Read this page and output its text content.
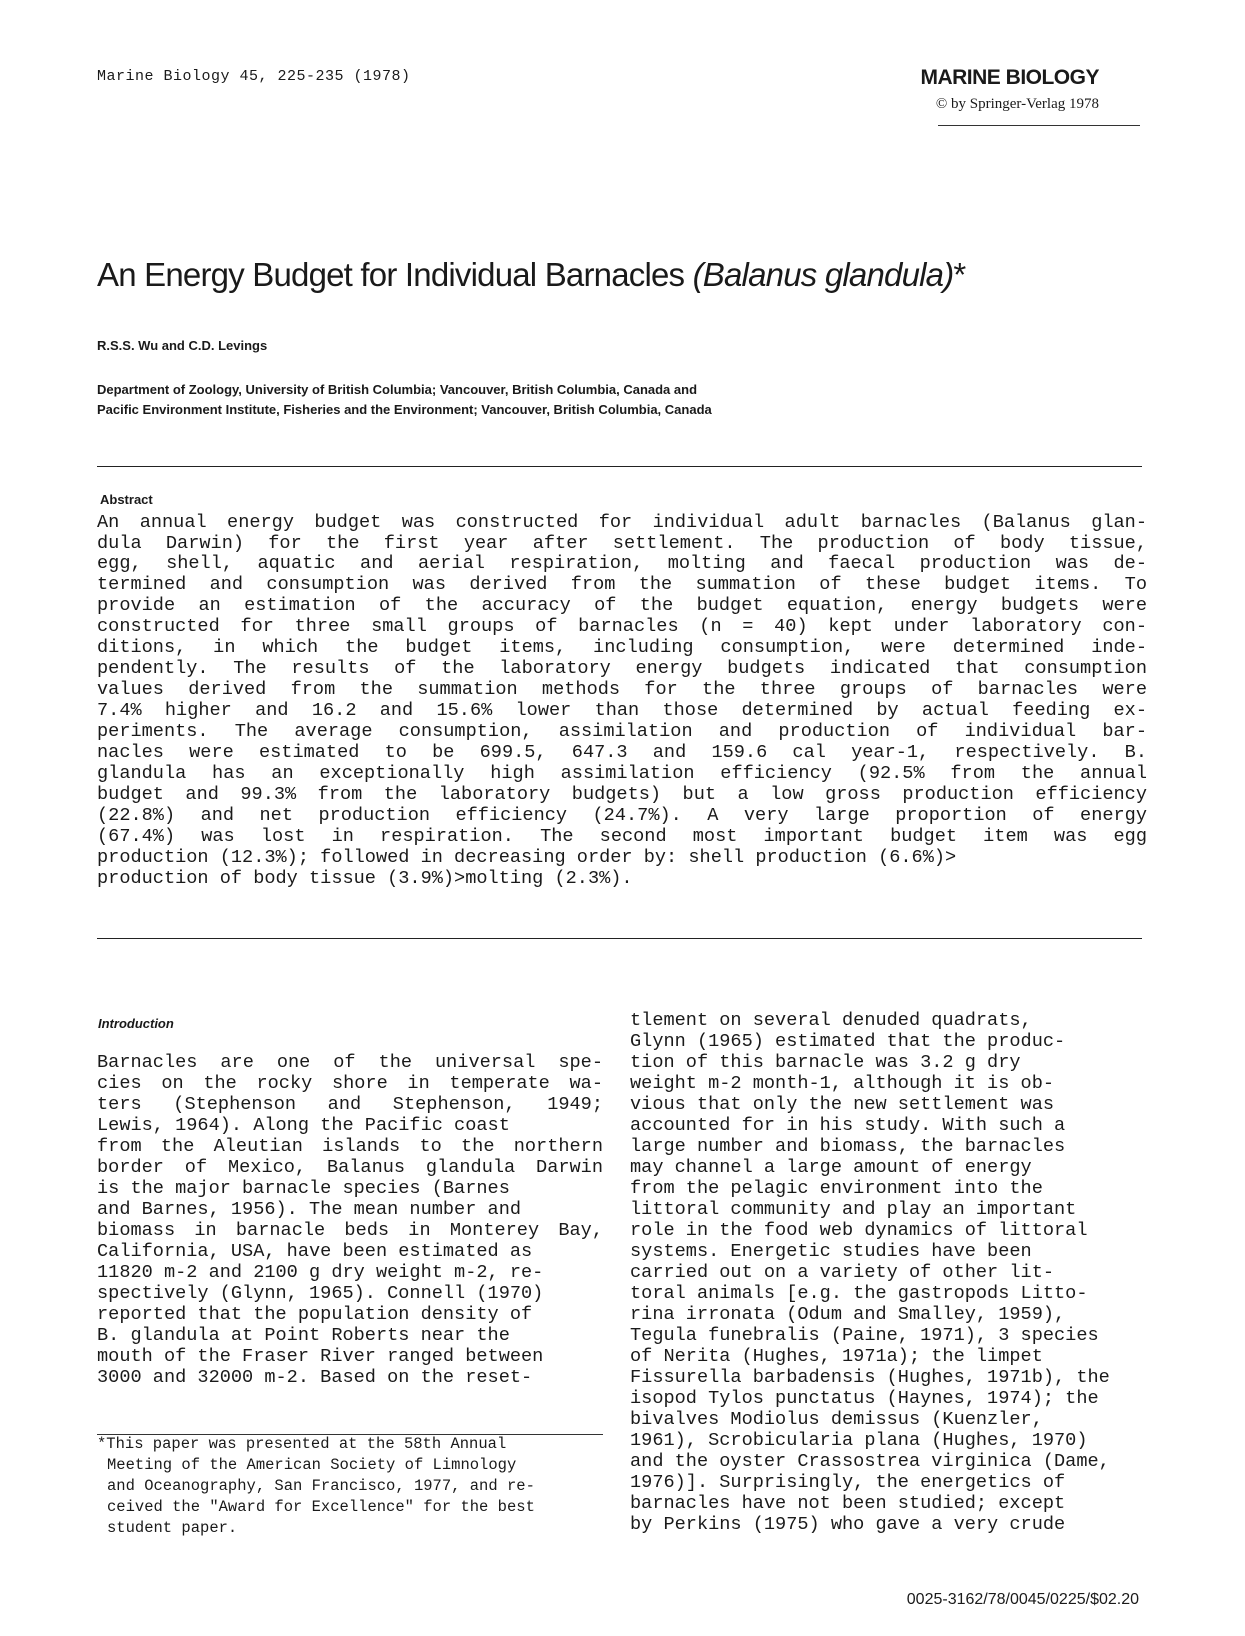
Marine Biology 45, 225-235 (1978)	MARINE BIOLOGY
© by Springer-Verlag 1978
An Energy Budget for Individual Barnacles (Balanus glandula)*
R.S.S. Wu and C.D. Levings
Department of Zoology, University of British Columbia; Vancouver, British Columbia, Canada and
Pacific Environment Institute, Fisheries and the Environment; Vancouver, British Columbia, Canada
Abstract
An annual energy budget was constructed for individual adult barnacles (Balanus glan-
dula Darwin) for the first year after settlement. The production of body tissue,
egg, shell, aquatic and aerial respiration, molting and faecal production was de-
termined and consumption was derived from the summation of these budget items. To
provide an estimation of the accuracy of the budget equation, energy budgets were
constructed for three small groups of barnacles (n = 40) kept under laboratory con-
ditions, in which the budget items, including consumption, were determined inde-
pendently. The results of the laboratory energy budgets indicated that consumption
values derived from the summation methods for the three groups of barnacles were
7.4% higher and 16.2 and 15.6% lower than those determined by actual feeding ex-
periments. The average consumption, assimilation and production of individual bar-
nacles were estimated to be 699.5, 647.3 and 159.6 cal year-1, respectively. B.
glandula has an exceptionally high assimilation efficiency (92.5% from the annual
budget and 99.3% from the laboratory budgets) but a low gross production efficiency
(22.8%) and net production efficiency (24.7%). A very large proportion of energy
(67.4%) was lost in respiration. The second most important budget item was egg
production (12.3%); followed in decreasing order by: shell production (6.6%)>
production of body tissue (3.9%)>molting (2.3%).
Introduction
Barnacles are one of the universal spe-
cies on the rocky shore in temperate wa-
ters (Stephenson and Stephenson, 1949;
Lewis, 1964). Along the Pacific coast
from the Aleutian islands to the northern
border of Mexico, Balanus glandula Darwin
is the major barnacle species (Barnes
and Barnes, 1956). The mean number and
biomass in barnacle beds in Monterey Bay,
California, USA, have been estimated as
11820 m-2 and 2100 g dry weight m-2, re-
spectively (Glynn, 1965). Connell (1970)
reported that the population density of
B. glandula at Point Roberts near the
mouth of the Fraser River ranged between
3000 and 32000 m-2. Based on the reset-
*This paper was presented at the 58th Annual
Meeting of the American Society of Limnology
and Oceanography, San Francisco, 1977, and re-
ceived the "Award for Excellence" for the best
student paper.
tlement on several denuded quadrats,
Glynn (1965) estimated that the produc-
tion of this barnacle was 3.2 g dry
weight m-2 month-1, although it is ob-
vious that only the new settlement was
accounted for in his study. With such a
large number and biomass, the barnacles
may channel a large amount of energy
from the pelagic environment into the
littoral community and play an important
role in the food web dynamics of littoral
systems. Energetic studies have been
carried out on a variety of other lit-
toral animals [e.g. the gastropods Litto-
rina irronata (Odum and Smalley, 1959),
Tegula funebralis (Paine, 1971), 3 species
of Nerita (Hughes, 1971a); the limpet
Fissurella barbadensis (Hughes, 1971b), the
isopod Tylos punctatus (Haynes, 1974); the
bivalves Modiolus demissus (Kuenzler,
1961), Scrobicularia plana (Hughes, 1970)
and the oyster Crassostrea virginica (Dame,
1976)]. Surprisingly, the energetics of
barnacles have not been studied; except
by Perkins (1975) who gave a very crude
0025-3162/78/0045/0225/$02.20
